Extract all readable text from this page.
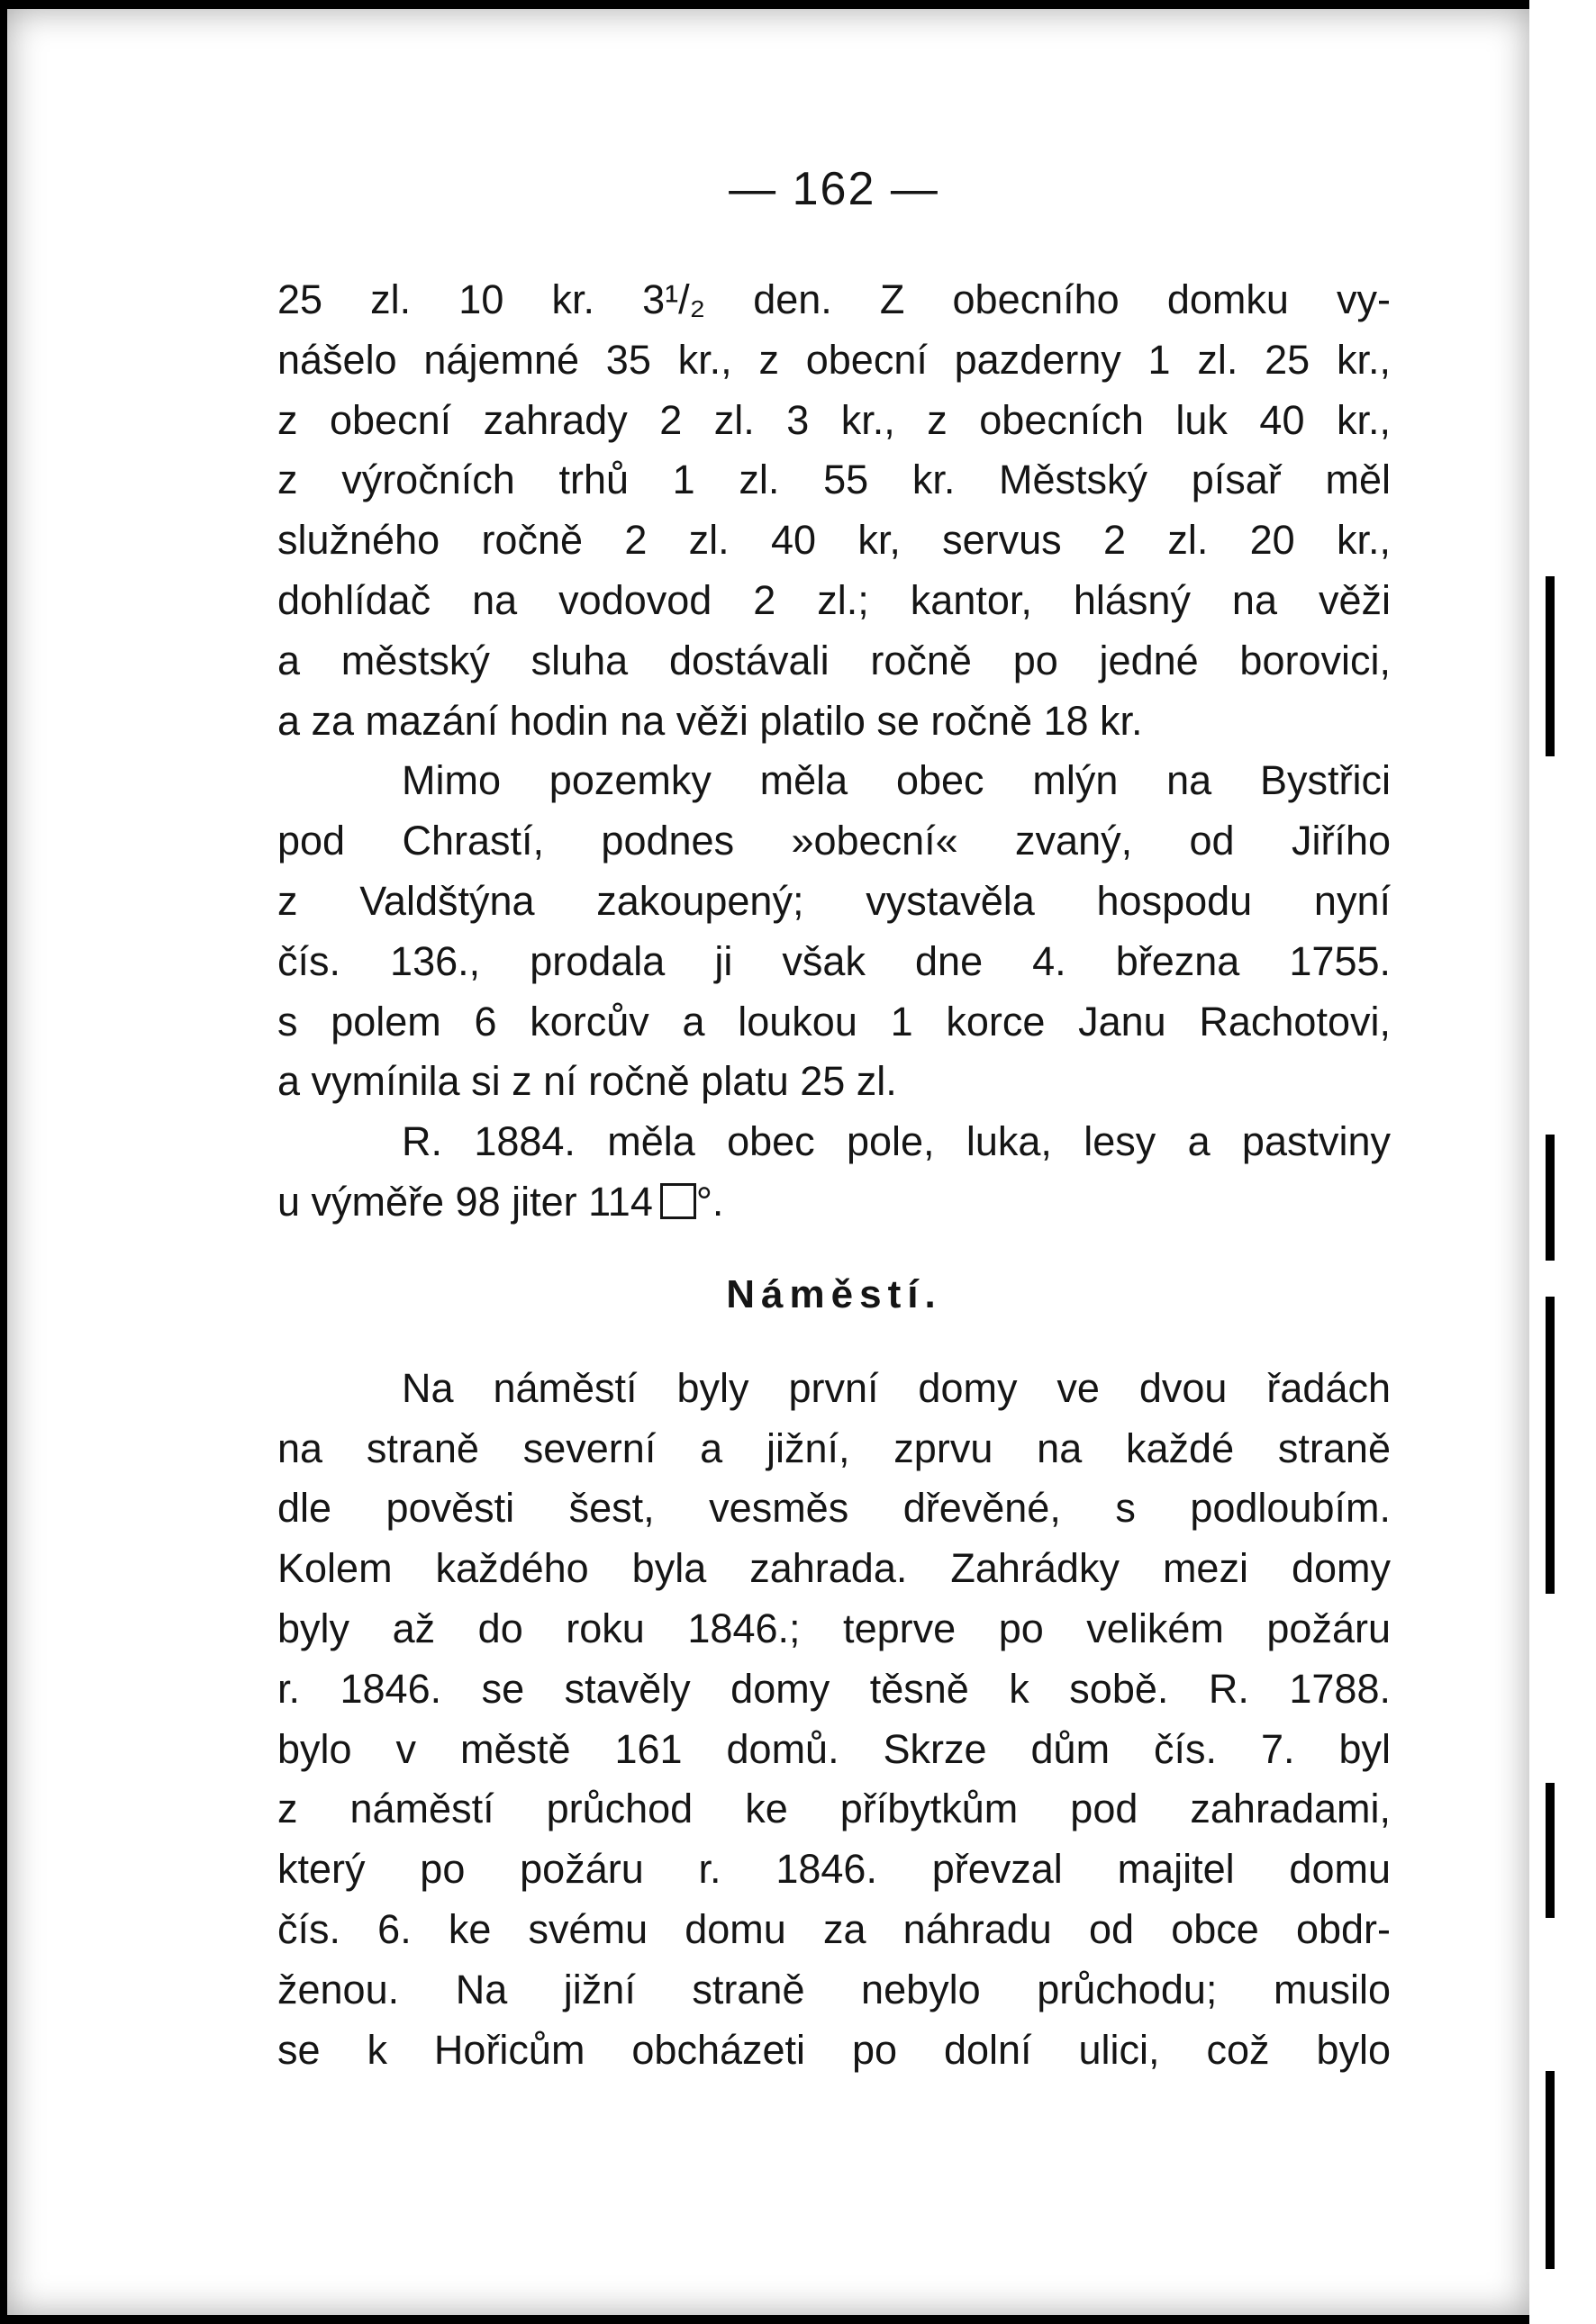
— 162 —
25 zl. 10 kr. 3¹/₂ den. Z obecního domku vy-
nášelo nájemné 35 kr., z obecní pazderny 1 zl. 25 kr.,
z obecní zahrady 2 zl. 3 kr., z obecních luk 40 kr.,
z výročních trhů 1 zl. 55 kr. Městský písař měl
služného ročně 2 zl. 40 kr, servus 2 zl. 20 kr.,
dohlídač na vodovod 2 zl.; kantor, hlásný na věži
a městský sluha dostávali ročně po jedné borovici,
a za mazání hodin na věži platilo se ročně 18 kr.
Mimo pozemky měla obec mlýn na Bystřici
pod Chrastí, podnes »obecní« zvaný, od Jiřího
z Valdštýna zakoupený; vystavěla hospodu nyní
čís. 136., prodala ji však dne 4. března 1755.
s polem 6 korcův a loukou 1 korce Janu Rachotovi,
a vymínila si z ní ročně platu 25 zl.
R. 1884. měla obec pole, luka, lesy a pastviny
u výměře 98 jiter 114 °.
Náměstí.
Na náměstí byly první domy ve dvou řadách
na straně severní a jižní, zprvu na každé straně
dle pověsti šest, vesměs dřevěné, s podloubím.
Kolem každého byla zahrada. Zahrádky mezi domy
byly až do roku 1846.; teprve po velikém požáru
r. 1846. se stavěly domy těsně k sobě. R. 1788.
bylo v městě 161 domů. Skrze dům čís. 7. byl
z náměstí průchod ke příbytkům pod zahradami,
který po požáru r. 1846. převzal majitel domu
čís. 6. ke svému domu za náhradu od obce obdr-
ženou. Na jižní straně nebylo průchodu; musilo
se k Hořicům obcházeti po dolní ulici, což bylo
